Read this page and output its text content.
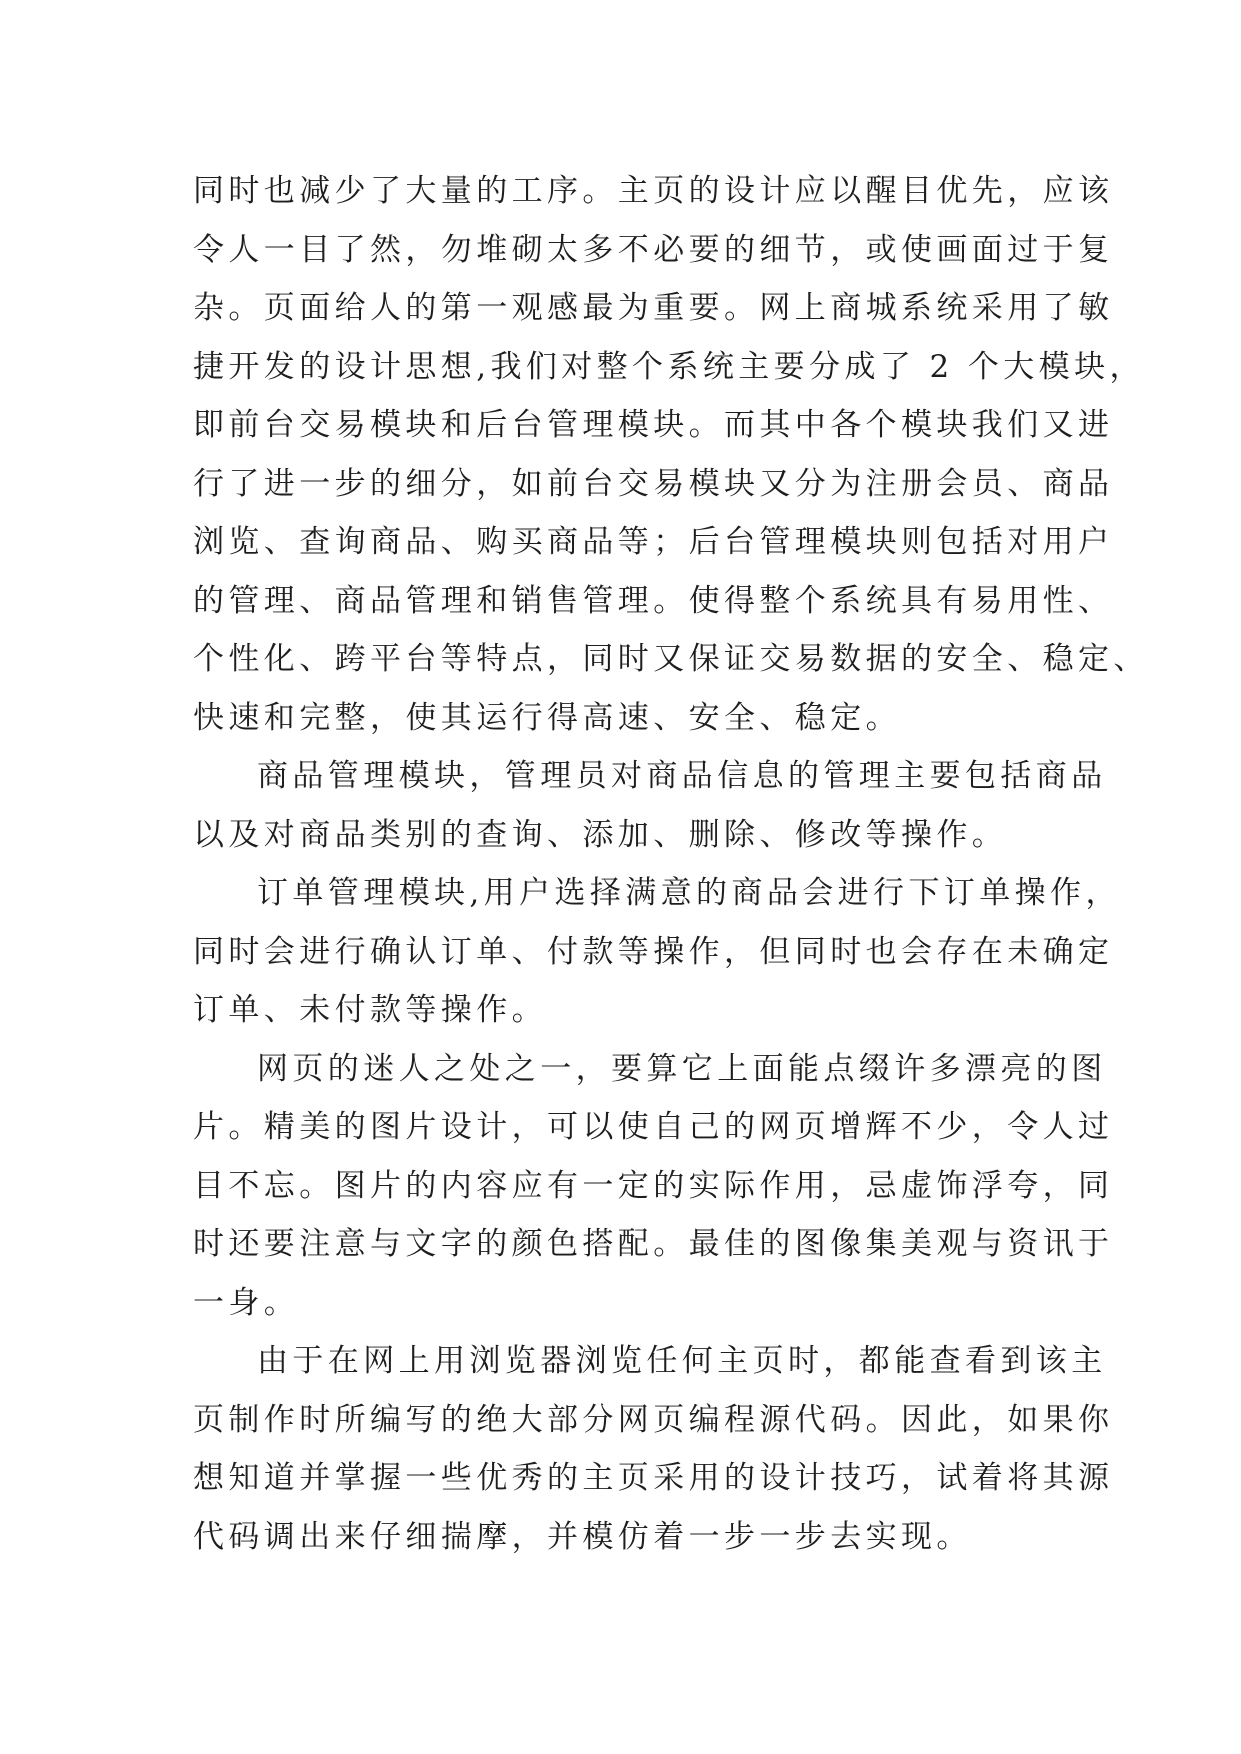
同时也减少了大量的工序。主页的设计应以醒目优先，应该
令人一目了然，勿堆砌太多不必要的细节，或使画面过于复
杂。页面给人的第一观感最为重要。网上商城系统采用了敏
捷开发的设计思想,我们对整个系统主要分成了 2 个大模块，
即前台交易模块和后台管理模块。而其中各个模块我们又进
行了进一步的细分，如前台交易模块又分为注册会员、商品
浏览、查询商品、购买商品等；后台管理模块则包括对用户
的管理、商品管理和销售管理。使得整个系统具有易用性、
个性化、跨平台等特点，同时又保证交易数据的安全、稳定、
快速和完整，使其运行得高速、安全、稳定。
商品管理模块，管理员对商品信息的管理主要包括商品
以及对商品类别的查询、添加、删除、修改等操作。
订单管理模块,用户选择满意的商品会进行下订单操作，
同时会进行确认订单、付款等操作，但同时也会存在未确定
订单、未付款等操作。
网页的迷人之处之一，要算它上面能点缀许多漂亮的图
片。精美的图片设计，可以使自己的网页增辉不少，令人过
目不忘。图片的内容应有一定的实际作用，忌虚饰浮夸，同
时还要注意与文字的颜色搭配。最佳的图像集美观与资讯于
一身。
由于在网上用浏览器浏览任何主页时，都能查看到该主
页制作时所编写的绝大部分网页编程源代码。因此，如果你
想知道并掌握一些优秀的主页采用的设计技巧，试着将其源
代码调出来仔细揣摩，并模仿着一步一步去实现。
